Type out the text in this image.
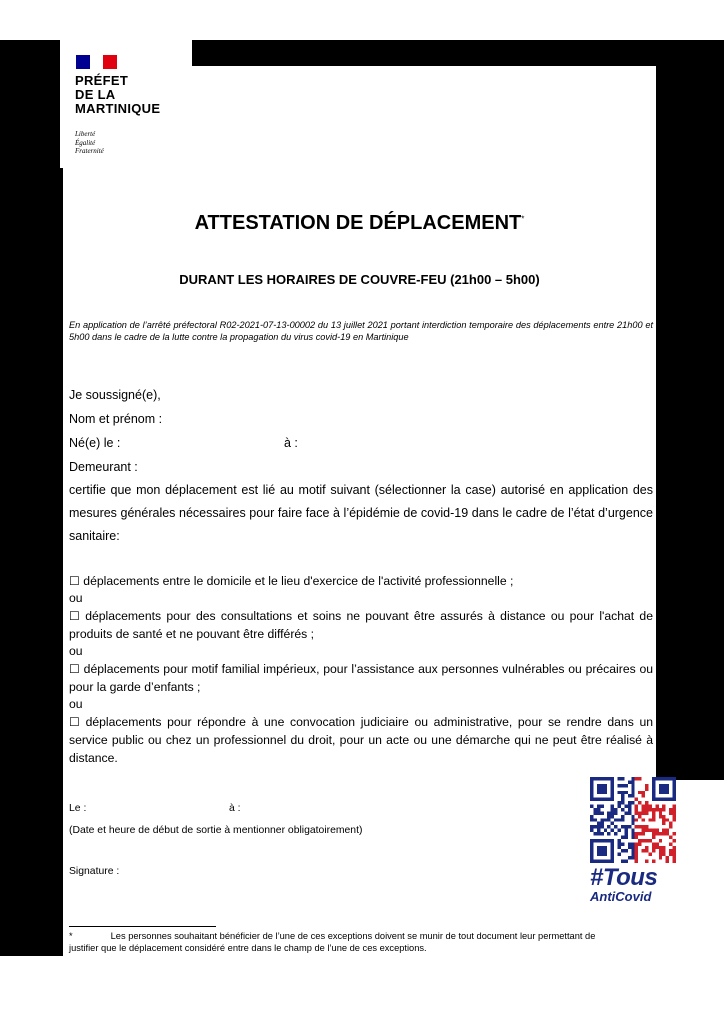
PRÉFET
DE LA
MARTINIQUE
Liberté
Égalité
Fraternité
ATTESTATION DE DÉPLACEMENT*
DURANT LES HORAIRES DE COUVRE-FEU (21h00 – 5h00)
En application de l’arrêté préfectoral R02-2021-07-13-00002 du 13 juillet 2021 portant interdiction temporaire des déplacements entre 21h00 et 5h00 dans le cadre de la lutte contre la propagation du virus covid-19 en Martinique
Je soussigné(e),
Nom et prénom :
Né(e) le :	à :
Demeurant :
certifie que mon déplacement est lié au motif suivant (sélectionner la case) autorisé en application des mesures générales nécessaires pour faire face à l’épidémie de covid-19 dans le cadre de l’état d’urgence sanitaire:
☐ déplacements entre le domicile et le lieu d'exercice de l'activité professionnelle ;
ou
☐ déplacements pour des consultations et soins ne pouvant être assurés à distance ou pour l'achat de produits de santé et ne pouvant être différés ;
ou
☐ déplacements pour motif familial impérieux, pour l’assistance aux personnes vulnérables ou précaires ou pour la garde d’enfants ;
ou
☐ déplacements pour répondre à une convocation judiciaire ou administrative, pour se rendre dans un service public ou chez un professionnel du droit, pour un acte ou une démarche qui ne peut être réalisé à distance.
Le :	à :
(Date et heure de début de sortie à mentionner obligatoirement)
Signature :	#Tous
AntiCovid
*	Les personnes souhaitant bénéficier de l’une de ces exceptions doivent se munir de tout document leur permettant de justifier que le déplacement considéré entre dans le champ de l’une de ces exceptions.
